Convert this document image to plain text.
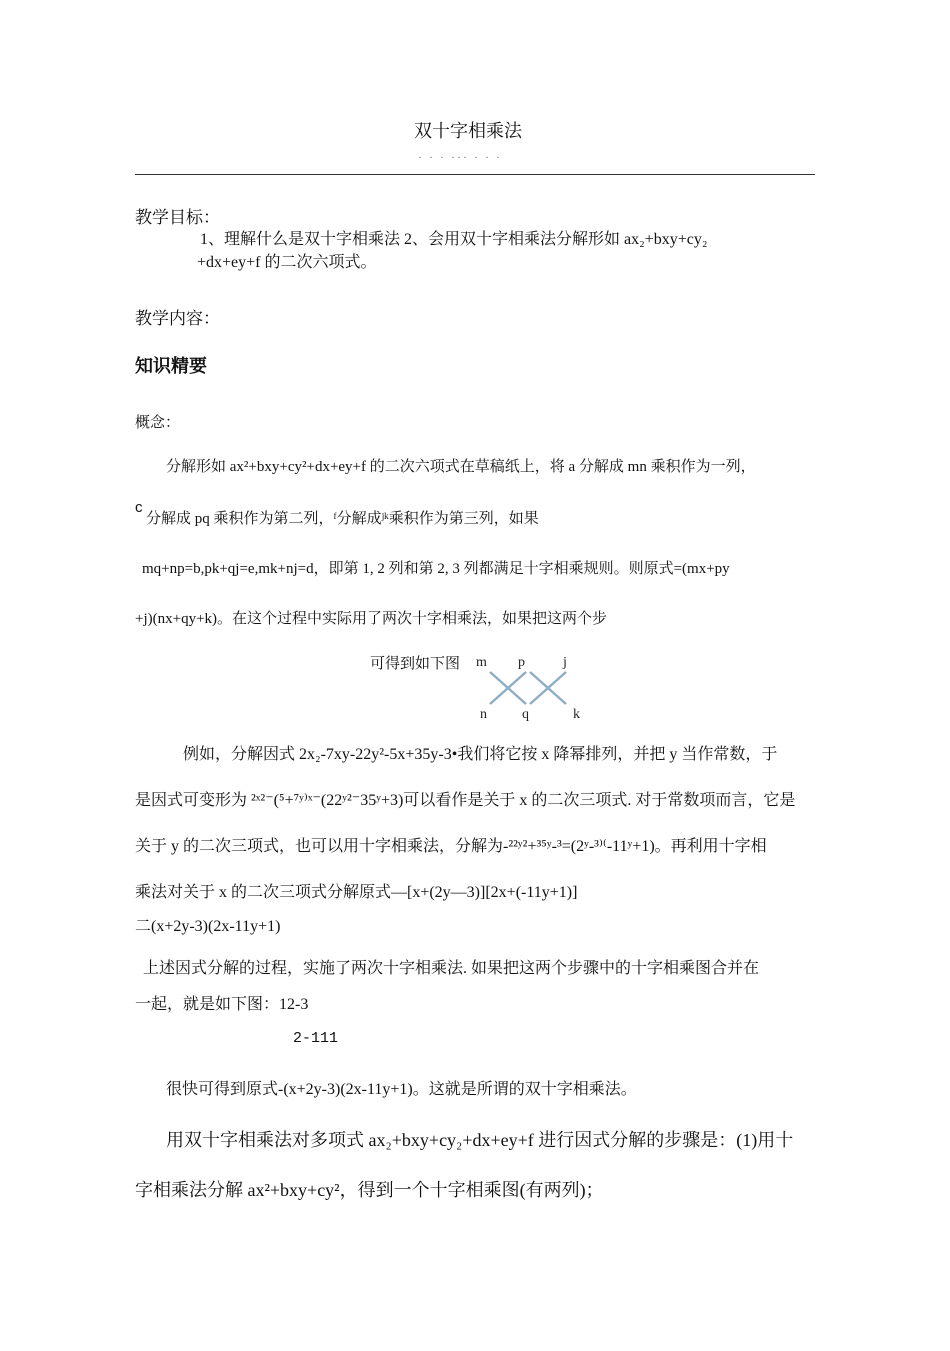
双十字相乘法
· · · ··· · · ·
教学目标：
1、理解什么是双十字相乘法 2、会用双十字相乘法分解形如 ax₂+bxy+cy₂
+dx+ey+f 的二次六项式。
教学内容：
知识精要
概念：
分解形如 ax²+bxy+cy²+dx+ey+f 的二次六项式在草稿纸上，将 a 分解成 mn 乘积作为一列，
c
分解成 pq 乘积作为第二列，ᶠ分解成ʲᵏ乘积作为第三列，如果
mq+np=b,pk+qj=e,mk+nj=d，即第 1, 2 列和第 2, 3 列都满足十字相乘规则。则原式=(mx+py
+j)(nx+qy+k)。在这个过程中实际用了两次十字相乘法，如果把这两个步
可得到如下图 m p	j
n	q	k
例如，分解因式 2x₂-7xy-22y²-5x+35y-3•我们将它按 x 降幂排列，并把 y 当作常数，于
是因式可变形为 ²ˣ²⁻(⁵+⁷ʸ⁾ˣ⁻(22ʸ²⁻35ʸ+3)可以看作是关于 x 的二次三项式. 对于常数项而言，它是
关于 y 的二次三项式，也可以用十字相乘法，分解为-²²ʸ²+³⁵ʸ-³=(2ʸ-³⁾⁽-11ʸ+1)。再利用十字相
乘法对关于 x 的二次三项式分解原式—[x+(2y—3)][2x+(-11y+1)]
二(x+2y-3)(2x-11y+1)
上述因式分解的过程，实施了两次十字相乘法. 如果把这两个步骤中的十字相乘图合并在
一起，就是如下图：12-3
2-111
很快可得到原式-(x+2y-3)(2x-11y+1)。这就是所谓的双十字相乘法。
用双十字相乘法对多项式 ax₂+bxy+cy₂+dx+ey+f 进行因式分解的步骤是：(1)用十
字相乘法分解 ax²+bxy+cy²，得到一个十字相乘图(有两列)；
